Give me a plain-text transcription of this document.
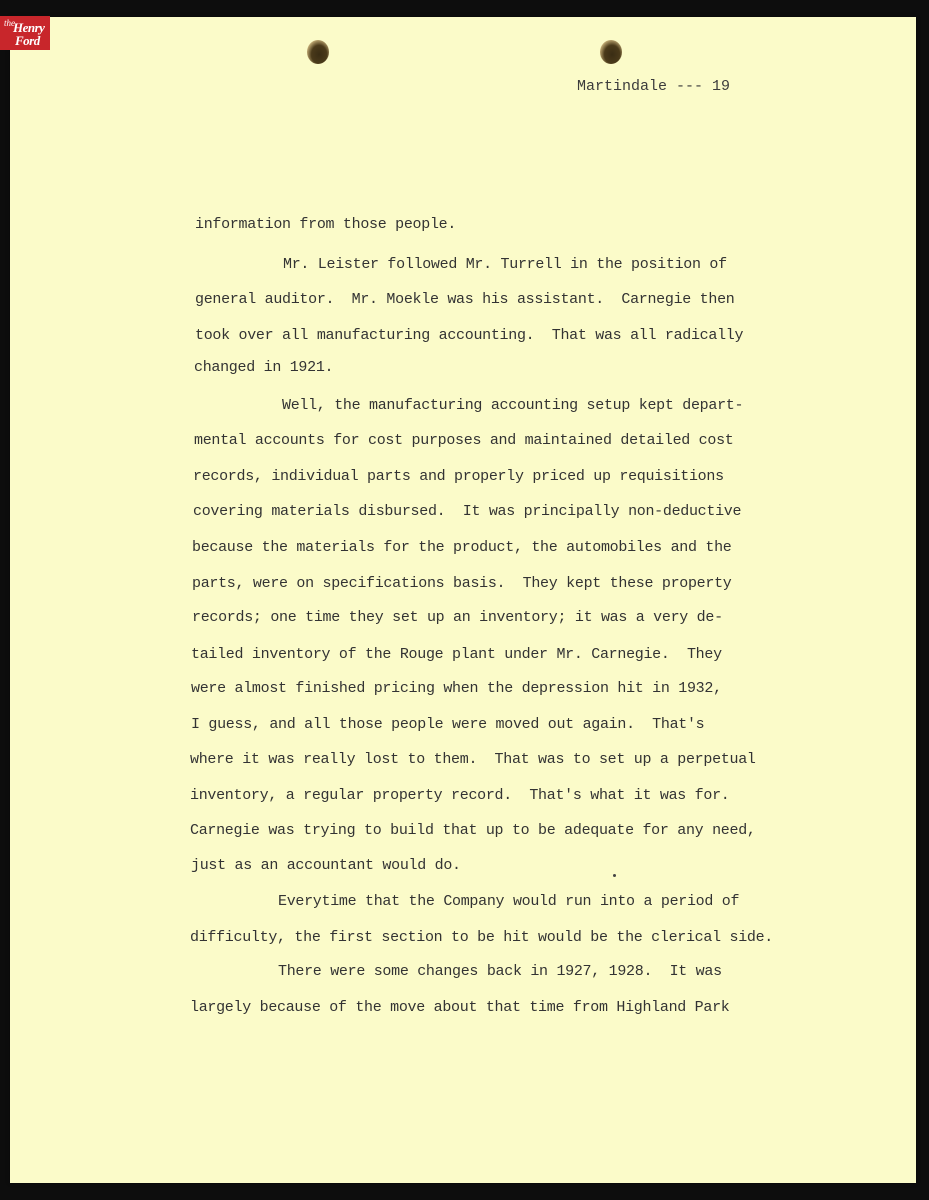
the
Henry
Ford
Martindale --- 19
information from those people.
Mr. Leister followed Mr. Turrell in the position of
general auditor.  Mr. Moekle was his assistant.  Carnegie then
took over all manufacturing accounting.  That was all radically
changed in 1921.
Well, the manufacturing accounting setup kept depart-
mental accounts for cost purposes and maintained detailed cost
records, individual parts and properly priced up requisitions
covering materials disbursed.  It was principally non-deductive
because the materials for the product, the automobiles and the
parts, were on specifications basis.  They kept these property
records; one time they set up an inventory; it was a very de-
tailed inventory of the Rouge plant under Mr. Carnegie.  They
were almost finished pricing when the depression hit in 1932,
I guess, and all those people were moved out again.  That's
where it was really lost to them.  That was to set up a perpetual
inventory, a regular property record.  That's what it was for.
Carnegie was trying to build that up to be adequate for any need,
just as an accountant would do.
Everytime that the Company would run into a period of
difficulty, the first section to be hit would be the clerical side.
There were some changes back in 1927, 1928.  It was
largely because of the move about that time from Highland Park
